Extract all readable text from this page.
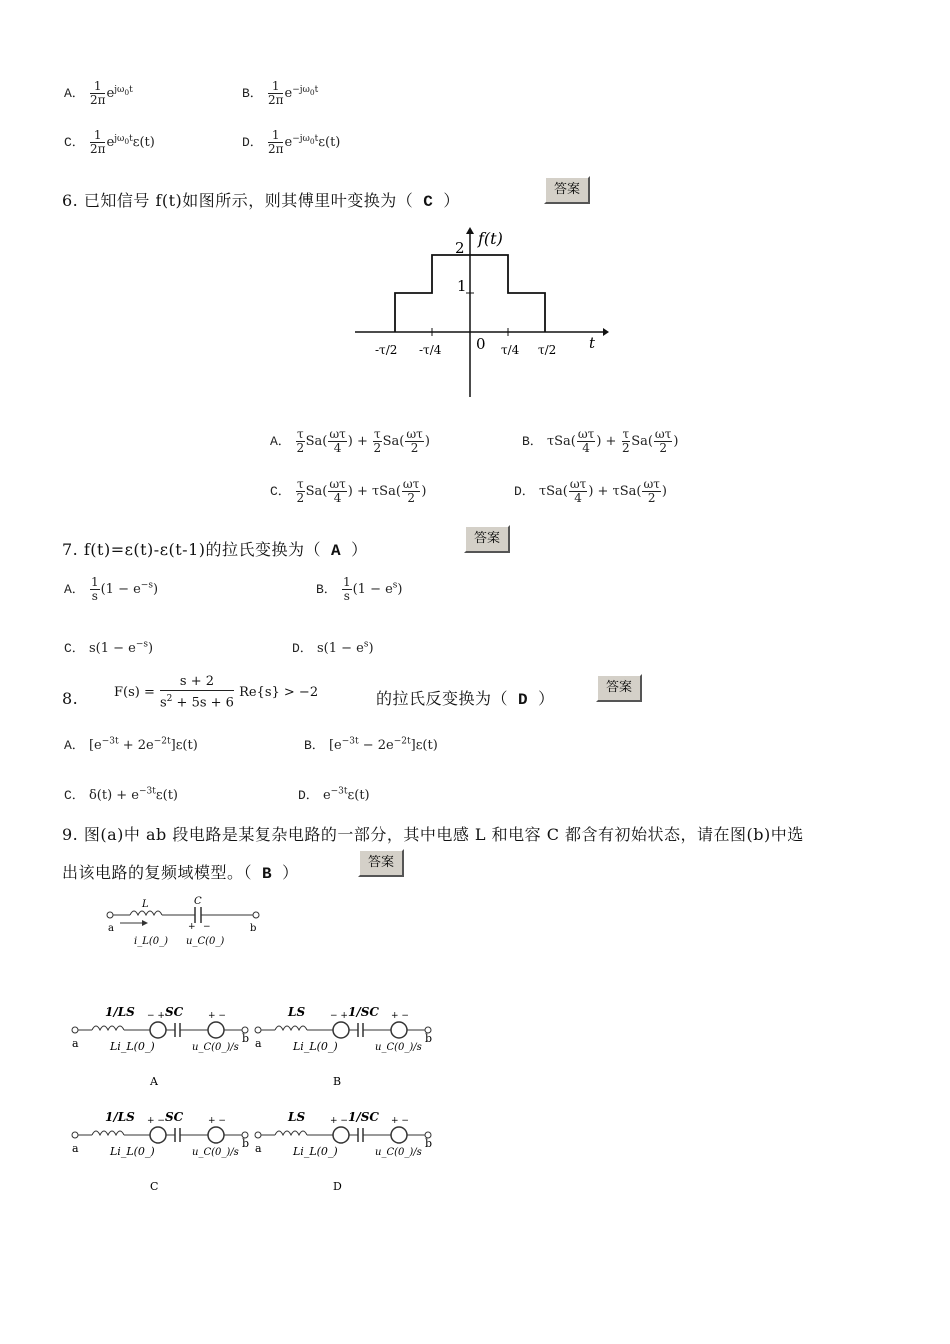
A． $\frac{1}{2\pi} e^{j\omega_0t}$	B． $\frac{1}{2\pi} e^{-j\omega_0t}$
C． $\frac{1}{2\pi} e^{j\omega_0t}\varepsilon(t)$	D． $\frac{1}{2\pi} e^{-j\omega_0t}\varepsilon(t)$
6. 已知信号 f(t)如图所示，则其傅里叶变换为（ C ）
答案
f(t)
t
2
1
-τ/2 -τ/4 0 τ/4 τ/2
A． $\frac{\tau}{2} Sa( \frac{\omega\tau}{4}$ ) + $\frac{\tau}{2} Sa( \frac{\omega\tau}{2}$ )	B． $\tau Sa( \frac{\omega\tau}{4}$ ) + $\frac{\tau}{2} Sa( \frac{\omega\tau}{2}$ )
C． $\frac{\tau}{2} Sa( \frac{\omega\tau}{4}$ ) + $\tau Sa( \frac{\omega\tau}{2}$ )	D． $\tau Sa( \frac{\omega\tau}{4}$ ) + $\tau Sa( \frac{\omega\tau}{2}$ )
7. f(t)=ε(t)-ε(t-1)的拉氏变换为（ A ）
答案
A． $\frac{1}{s} (1 - e^{-s})$	B． $\frac{1}{s} (1 - e^s)$
C． $s(1 - e^{-s})$	D． $s(1 - e^s)$
8.	$F(s) = \frac{s + 2}{s^2 + 5s + 6} Re\{s\} > -2$	的拉氏反变换为（ D ）
答案
A． $[e^{-3t} + 2e^{-2t}]\varepsilon(t)$	B． $[e^{-3t} - 2e^{-2t}]\varepsilon(t)$
C． $\delta(t) + e^{-3t}\varepsilon(t)$	D． $e^{-3t}\varepsilon(t)$
9. 图(a)中 ab 段电路是某复杂电路的一部分，其中电感 L 和电容 C 都含有初始状态，请在图(b)中选
出该电路的复频域模型。（ B ）
答案
L	C
a	b
+ −
i_L(0_) u_C(0_)
a	b
1/LS	SC
− +	+ −
Li_L(0_)	u_C(0_)/s
A
a	b
LS	1/SC
− +	+ −
Li_L(0_)	u_C(0_)/s
B
a	b
1/LS	SC
+ −	+ −
Li_L(0_)	u_C(0_)/s
C
a	b
LS	1/SC
+ −	+ −
Li_L(0_)	u_C(0_)/s
D
